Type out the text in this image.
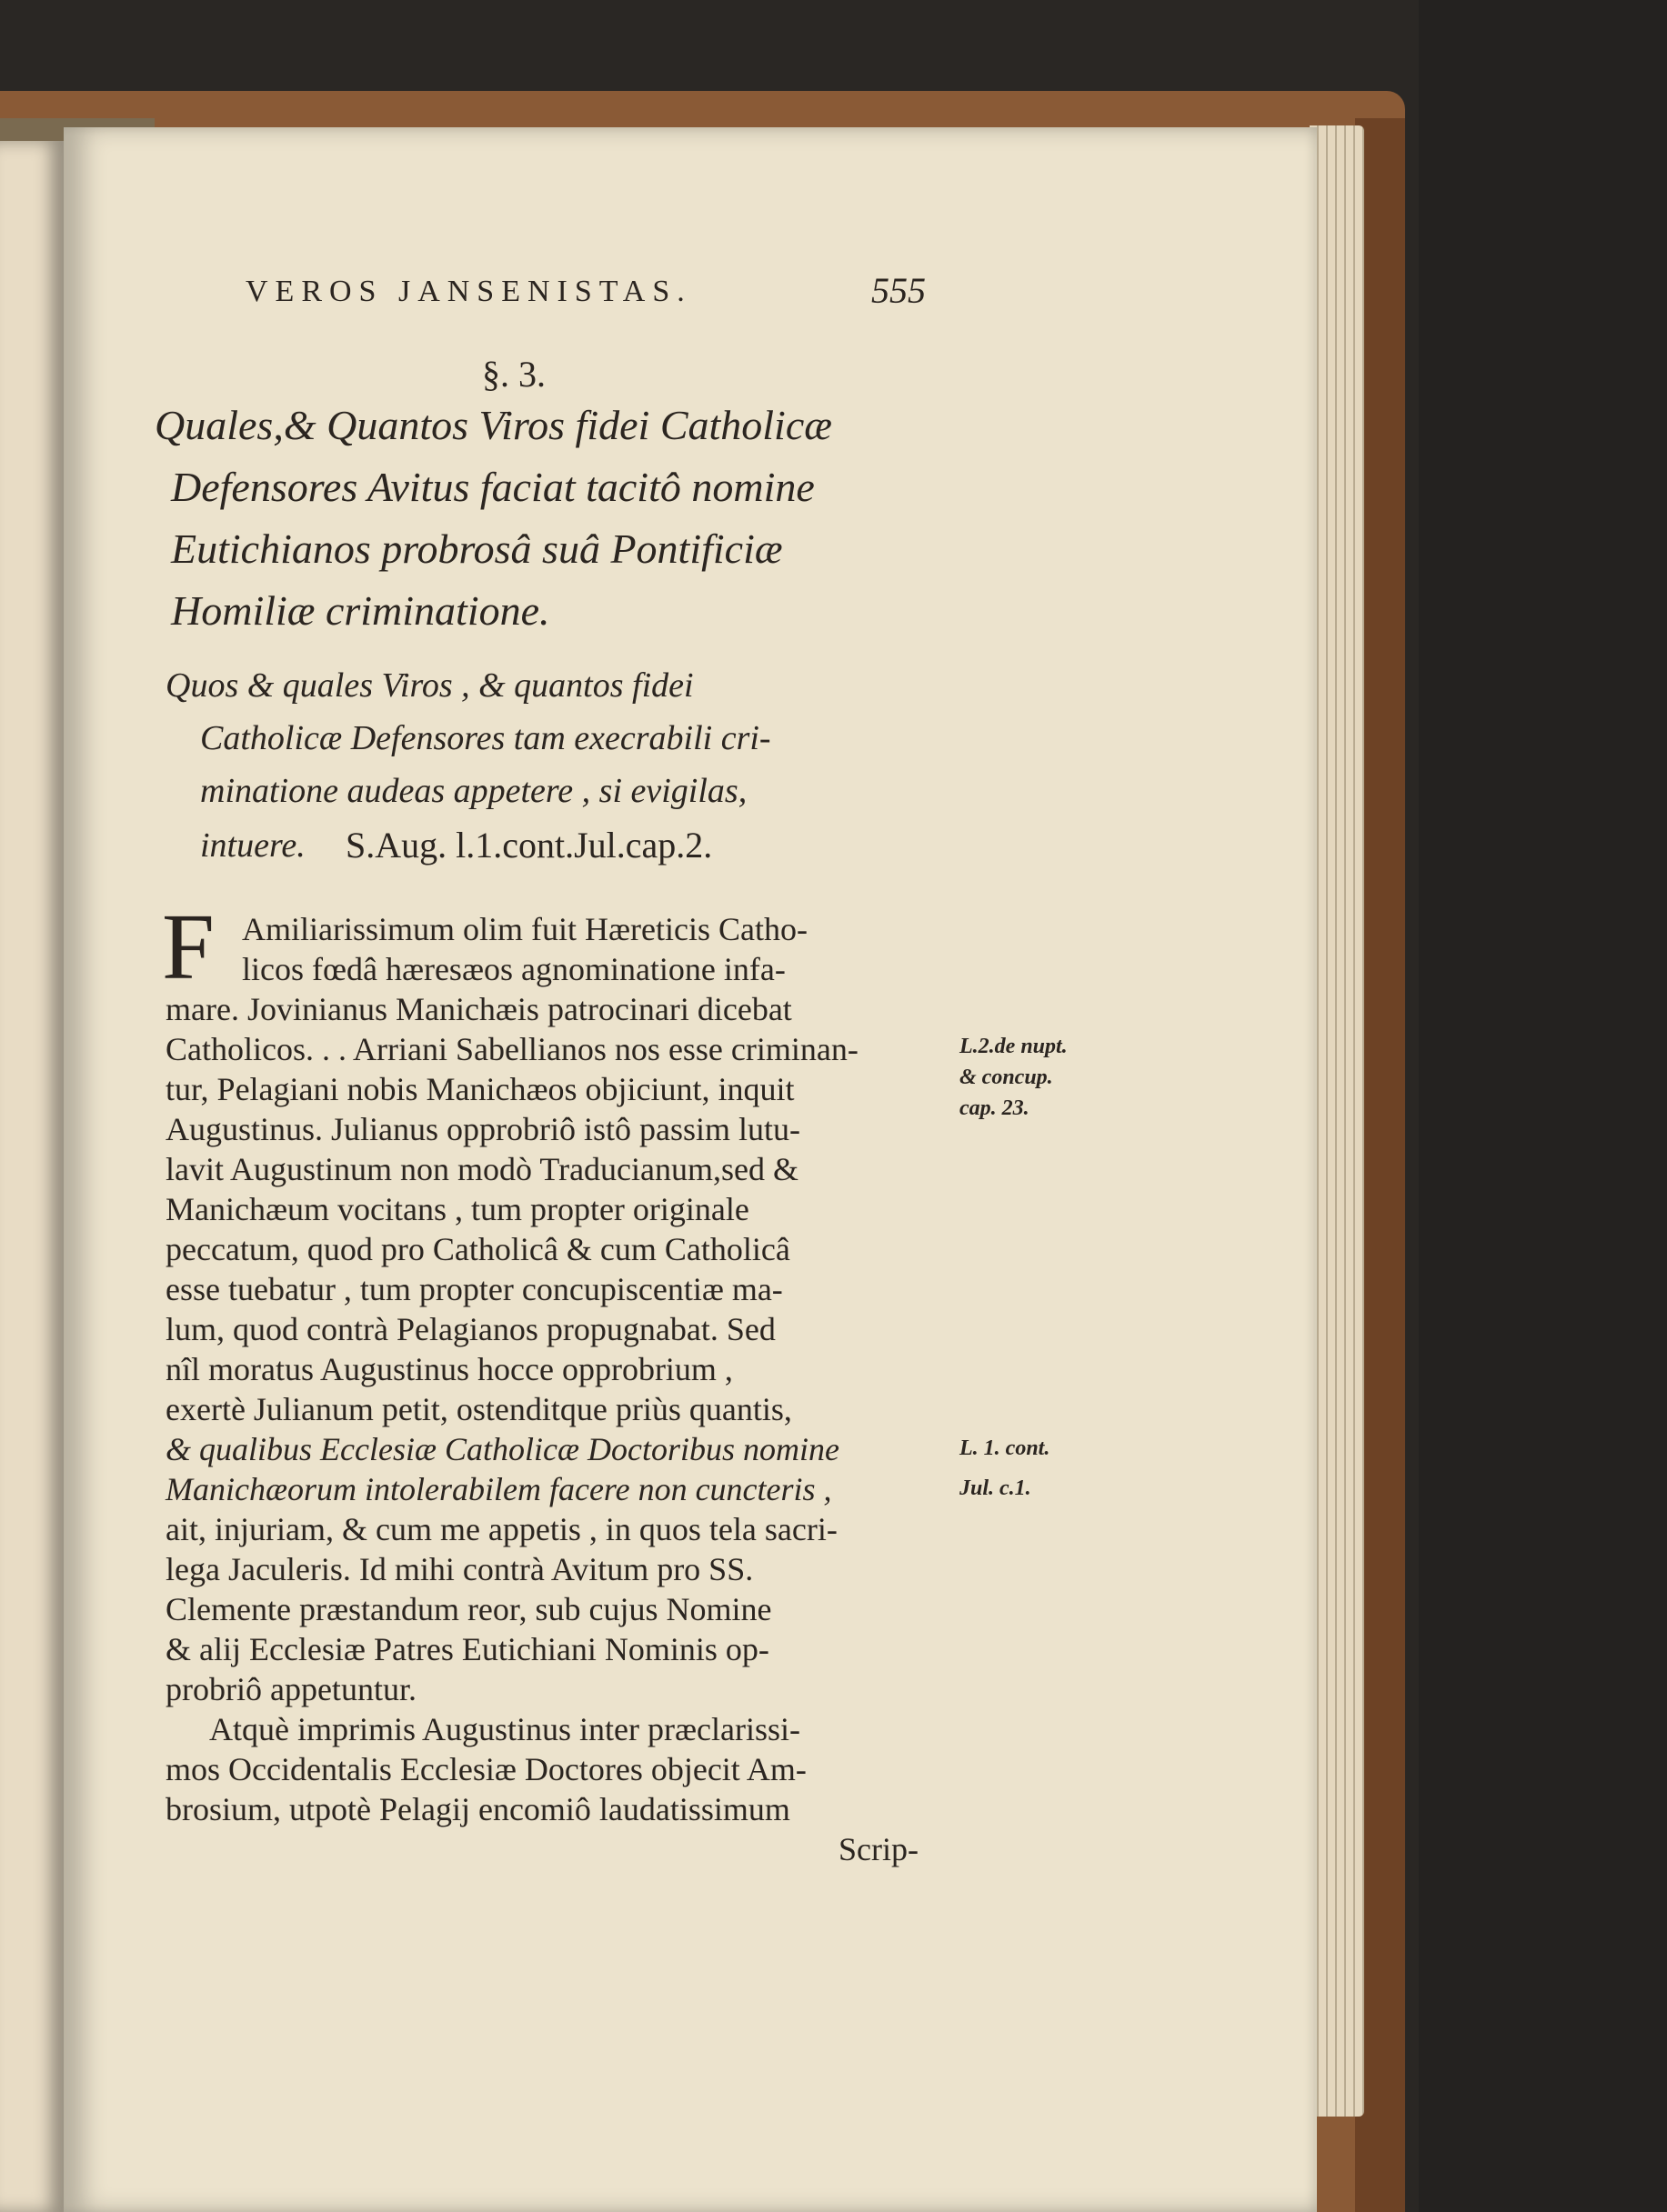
VEROS JANSENISTAS.	555
§. 3.
Quales,& Quantos Viros fidei Catholicæ
Defensores Avitus faciat tacitô nomine
Eutichianos probrosâ suâ Pontificiæ
Homiliæ criminatione.
Quos & quales Viros , & quantos fidei
Catholicæ Defensores tam execrabili cri-
minatione audeas appetere , si evigilas,
intuere. S.Aug. l.1.cont.Jul.cap.2.
F Amiliarissimum olim fuit Hæreticis Catho-
licos fœdâ hæresæos agnominatione infa-
mare. Jovinianus Manichæis patrocinari dicebat
Catholicos. . . Arriani Sabellianos nos esse criminan-
tur, Pelagiani nobis Manichæos objiciunt, inquit
Augustinus. Julianus opprobriô istô passim lutu-
lavit Augustinum non modò Traducianum,sed &
Manichæum vocitans , tum propter originale
peccatum, quod pro Catholicâ & cum Catholicâ
esse tuebatur , tum propter concupiscentiæ ma-
lum, quod contrà Pelagianos propugnabat. Sed
nîl moratus Augustinus hocce opprobrium ,
exertè Julianum petit, ostenditque priùs quantis,
& qualibus Ecclesiæ Catholicæ Doctoribus nomine
Manichæorum intolerabilem facere non cuncteris ,
ait, injuriam, & cum me appetis , in quos tela sacri-
lega Jaculeris. Id mihi contrà Avitum pro SS.
Clemente præstandum reor, sub cujus Nomine
& alij Ecclesiæ Patres Eutichiani Nominis op-
probriô appetuntur.
Atquè imprimis Augustinus inter præclarissi-
mos Occidentalis Ecclesiæ Doctores objecit Am-
brosium, utpotè Pelagij encomiô laudatissimum
Scrip-
L.2.de nupt.
& concup.
cap. 23.
L. 1. cont.
Jul. c.1.
